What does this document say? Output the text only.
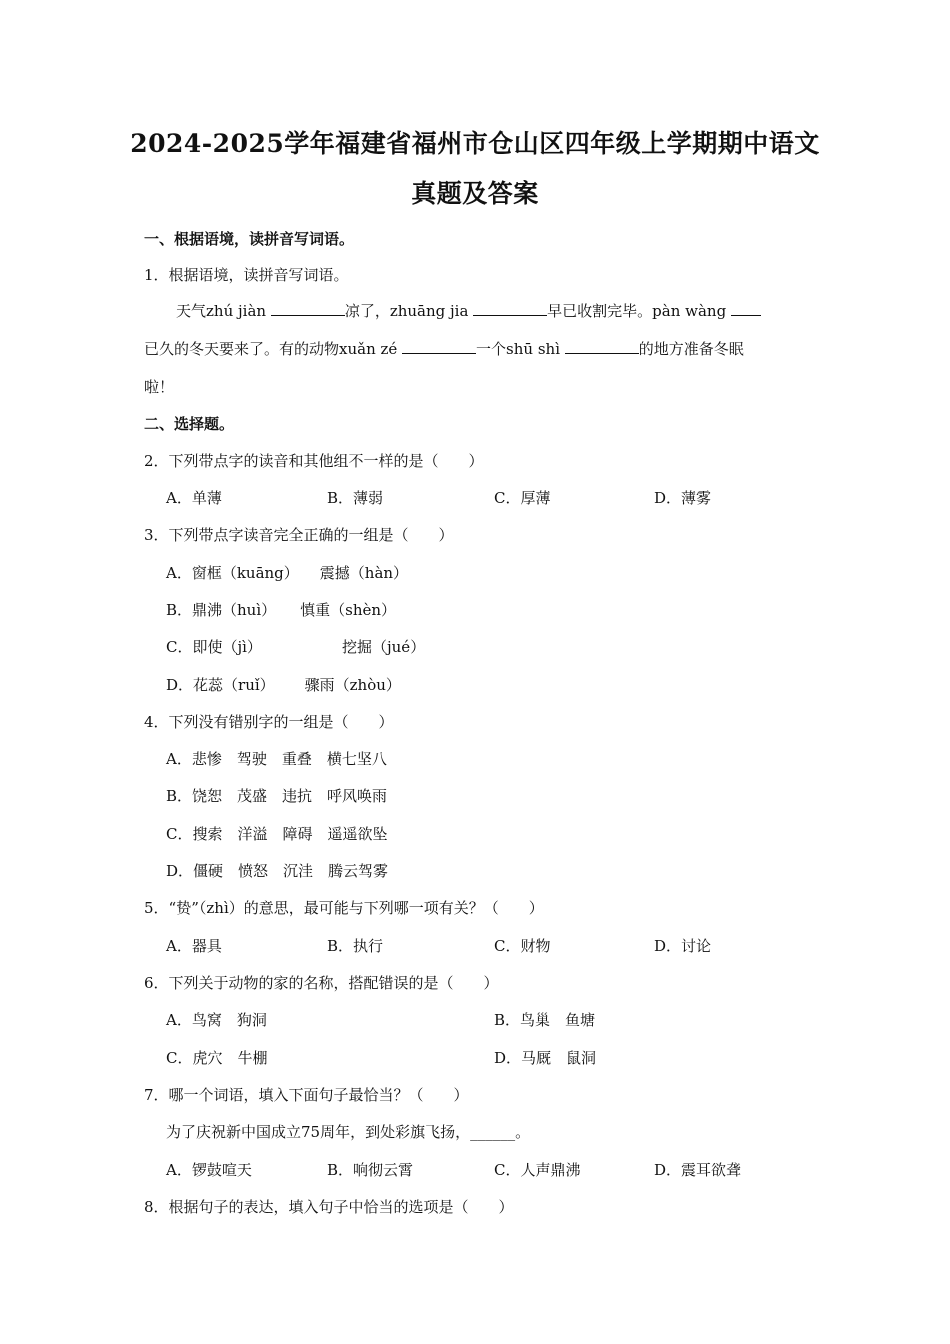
2024-2025学年福建省福州市仓山区四年级上学期期中语文
真题及答案
一、根据语境，读拼音写词语。
1．根据语境，读拼音写词语。
天气zhú jiàn	凉了，zhuāng jia	早已收割完毕。pàn wàng
已久的冬天要来了。有的动物xuǎn zé	一个shū shì	的地方准备冬眠
啦！
二、选择题。
2．下列带点字的读音和其他组不一样的是（　　）
A．单薄	B．薄弱	C．厚薄	D．薄雾
3．下列带点字读音完全正确的一组是（　　）
A．窗框（kuāng） 震撼（hàn）
B．鼎沸（huì） 慎重（shèn）
C．即使（jì）	挖掘（jué）
D．花蕊（ruǐ） 骤雨（zhòu）
4．下列没有错别字的一组是（　　）
A．悲惨　驾驶　重叠　横七坚八
B．饶恕　茂盛　违抗　呼风唤雨
C．搜索　洋溢　障碍　遥遥欲坠
D．僵硬　愤怒　沉洼　腾云驾雾
5．“贽”（zhì）的意思，最可能与下列哪一项有关？（　　）
A．器具	B．执行	C．财物	D．讨论
6．下列关于动物的家的名称，搭配错误的是（　　）
A．鸟窝　狗洞	B．鸟巢　鱼塘
C．虎穴　牛棚	D．马厩　鼠洞
7．哪一个词语，填入下面句子最恰当？（　　）
为了庆祝新中国成立75周年，到处彩旗飞扬，______。
A．锣鼓喧天	B．响彻云霄	C．人声鼎沸	D．震耳欲聋
8．根据句子的表达，填入句子中恰当的选项是（　　）
